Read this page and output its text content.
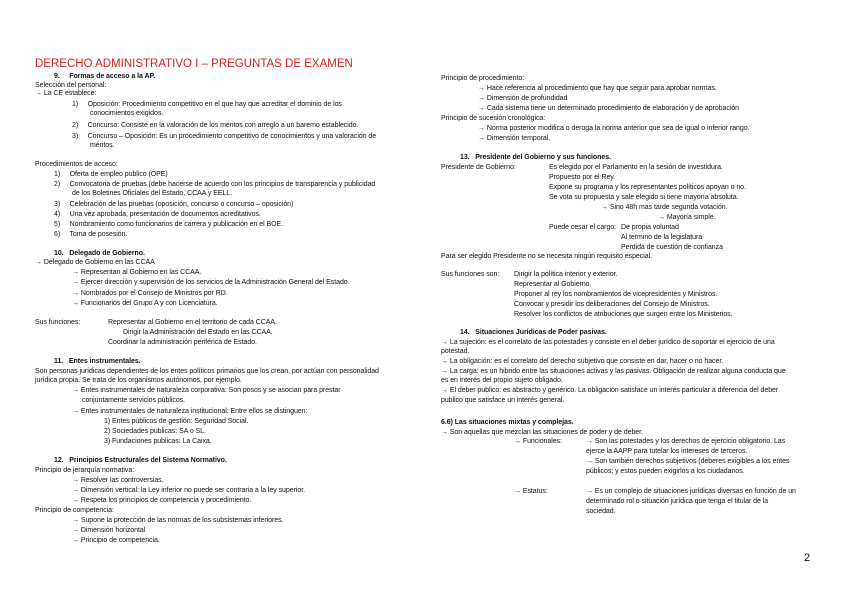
DERECHO ADMINISTRATIVO I – PREGUNTAS DE EXAMEN
9.     Formas de acceso a la AP.
Selección del personal:
→ La CE establece:
1)     Oposición: Procedimiento competitivo en el que hay que acreditar el dominio de los
conocimientos exigidos.
2)     Concurso: Consiste en la valoración de los méritos con arreglo a un baremo establecido.
3)     Concurso – Oposición: Es un procedimiento competitivo de conocimientos y una valoración de
méritos.
Procedimientos de acceso:
1)     Oferta de empleo publico (OPE)
2)     Convocatoria de pruebas (debe hacerse de acuerdo con los principios de transparencia y publicidad
de los Boletines Oficiales del Estado, CCAA y EELL.
3)     Celebración de las pruebas (oposición, concurso o concurso – oposición)
4)     Una vez aprobada, presentación de documentos acreditativos.
5)     Nombramiento como funcionarios de carrera y publicación en el BOE.
6)     Toma de posesión.
10.   Delegado de Gobierno.
→ Delegado de Gobierno en las CCAA
→ Representan al Gobierno en las CCAA.
→ Ejercer dirección y supervisión de los servicios de la Administración General del Estado.
→ Nombrados por el Consejo de Ministros por RD.
→ Funcionarios del Grupo A y con Licenciatura.
Sus funciones:	Representar al Gobierno en el territorio de cada CCAA.
Dirigir la Administración del Estado en las CCAA.
Coordinar la administración periférica de Estado.
11.   Entes instrumentales.
Son personas jurídicas dependientes de los entes políticos primarios que los crean, por actúan con personalidad
jurídica propia. Se trata de los organismos autónomos, por ejemplo.
→ Entes instrumentales de naturaleza corporativa: Son posos y se asocian para prestar
conjuntamente servicios públicos.
→ Entes instrumentales de naturaleza institucional: Entre ellos se distinguen:
1) Entes públicos de gestión: Seguridad Social.
2) Sociedades publicas: SA o SL.
3) Fundaciones publicas: La Caixa.
12.   Principios Estructurales del Sistema Normativo.
Principio de jerarquía normativa:
→ Resolver las controversias.
→ Dimensión vertical: la Ley inferior no puede ser contraria a la ley superior.
→ Respeta los principios de competencia y procedimiento.
Principio de competencia:
→ Supone la protección de las normas de los subsistemas inferiores.
→ Dimensión horizontal
→ Principio de competencia.
Principio de procedimiento:
→ Hace referencia al procedimiento que hay que seguir para aprobar normas.
→ Dimensión de profundidad
→ Cada sistema tiene un determinado procedimiento de elaboración y de aprobación
Principio de sucesión cronológica:
→ Norma posterior modifica o deroga la norma anterior que sea de igual o inferior rango.
→ Dimensión temporal.
13.   Presidente del Gobierno y sus funciones.
Presidente de Gobierno:	Es elegido por el Parlamento en la sesión de investidura.
Propuesto por el Rey.
Expone su programa y los representantes políticos apoyan o no.
Se vota su propuesta y sale elegido si tiene mayoría absoluta.
→ Sino 48h mas tarde segunda votación.
→ Mayoría simple.
Puede cesar el cargo: De propia voluntad
Al termino de la legislatura
Perdida de cuestión de confianza
Para ser elegido Presidente no se necesita ningún requisito especial.
Sus funciones son: Dirigir la política interior y exterior.
Representar al Gobierno.
Proponer al rey los nombramientos de vicepresidentes y Ministros.
Convocar y presidir los deliberaciones del Consejo de Ministros.
Resolver los conflictos de atribuciones que surgen entre los Ministerios.
14.   Situaciones Jurídicas de Poder pasivas.
→ La sujeción: es el correlato de las potestades y consiste en el deber jurídico de soportar el ejercicio de una
potestad.
→ La obligación: es el correlato del derecho subjetivo que consiste en dar, hacer o no hacer.
→ La carga: es un hibrido entre las situaciones activas y las pasivas. Obligación de realizar alguna conducta que
es en interés del propio sujeto obligado.
→ El deber publico: es abstracto y genérico. La obligación satisface un interés particular a diferencia del deber
publico que satisface un interés general.
6.6) Las situaciones mixtas y complejas.
→ Son aquellas que mezclan las situaciones de poder y de deber.
→ Funcionales:	→ Son las potestades y los derechos de ejercicio obligatorio. Las
ejerce la AAPP para tutelar los intereses de terceros.
→ Son también derechos subjetivos (deberes exigibles a los entes
públicos; y estos pueden exigirlos a los ciudadanos.
→ Estatus:	→ Es un complejo de situaciones jurídicas diversas en función de un
determinado rol o situación jurídica que tenga el titular de la
sociedad.
2
